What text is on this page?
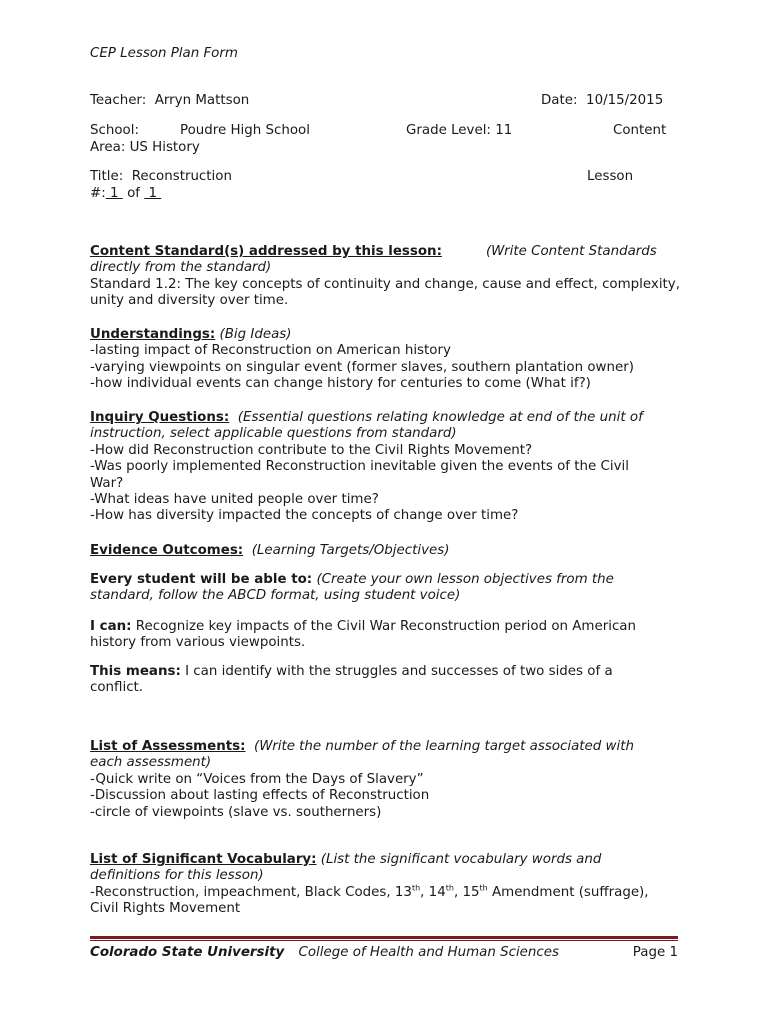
CEP Lesson Plan Form
Teacher: Arryn Mattson	Date: 10/15/2015
School:	Poudre High School	Grade Level: 11	Content
Area: US History
Title: Reconstruction	Lesson
#: 1 of 1

Content Standard(s) addressed by this lesson:	(Write Content Standards directly from the standard)

Standard 1.2: The key concepts of continuity and change, cause and effect, complexity, unity and diversity over time.

Understandings: (Big Ideas)

-lasting impact of Reconstruction on American history

-varying viewpoints on singular event (former slaves, southern plantation owner)

-how individual events can change history for centuries to come (What if?)

Inquiry Questions: (Essential questions relating knowledge at end of the unit of instruction, select applicable questions from standard)

-How did Reconstruction contribute to the Civil Rights Movement?

-Was poorly implemented Reconstruction inevitable given the events of the Civil War?

-What ideas have united people over time?

-How has diversity impacted the concepts of change over time?

Evidence Outcomes: (Learning Targets/Objectives)

Every student will be able to: (Create your own lesson objectives from the standard, follow the ABCD format, using student voice)

I can: Recognize key impacts of the Civil War Reconstruction period on American history from various viewpoints.

This means: I can identify with the struggles and successes of two sides of a conflict.

List of Assessments: (Write the number of the learning target associated with each assessment)

-Quick write on “Voices from the Days of Slavery”

-Discussion about lasting effects of Reconstruction

-circle of viewpoints (slave vs. southerners)

List of Significant Vocabulary: (List the significant vocabulary words and definitions for this lesson)

-Reconstruction, impeachment, Black Codes, 13th, 14th, 15th Amendment (suffrage), Civil Rights Movement

Colorado State University College of Health and Human Sciences	Page 1
